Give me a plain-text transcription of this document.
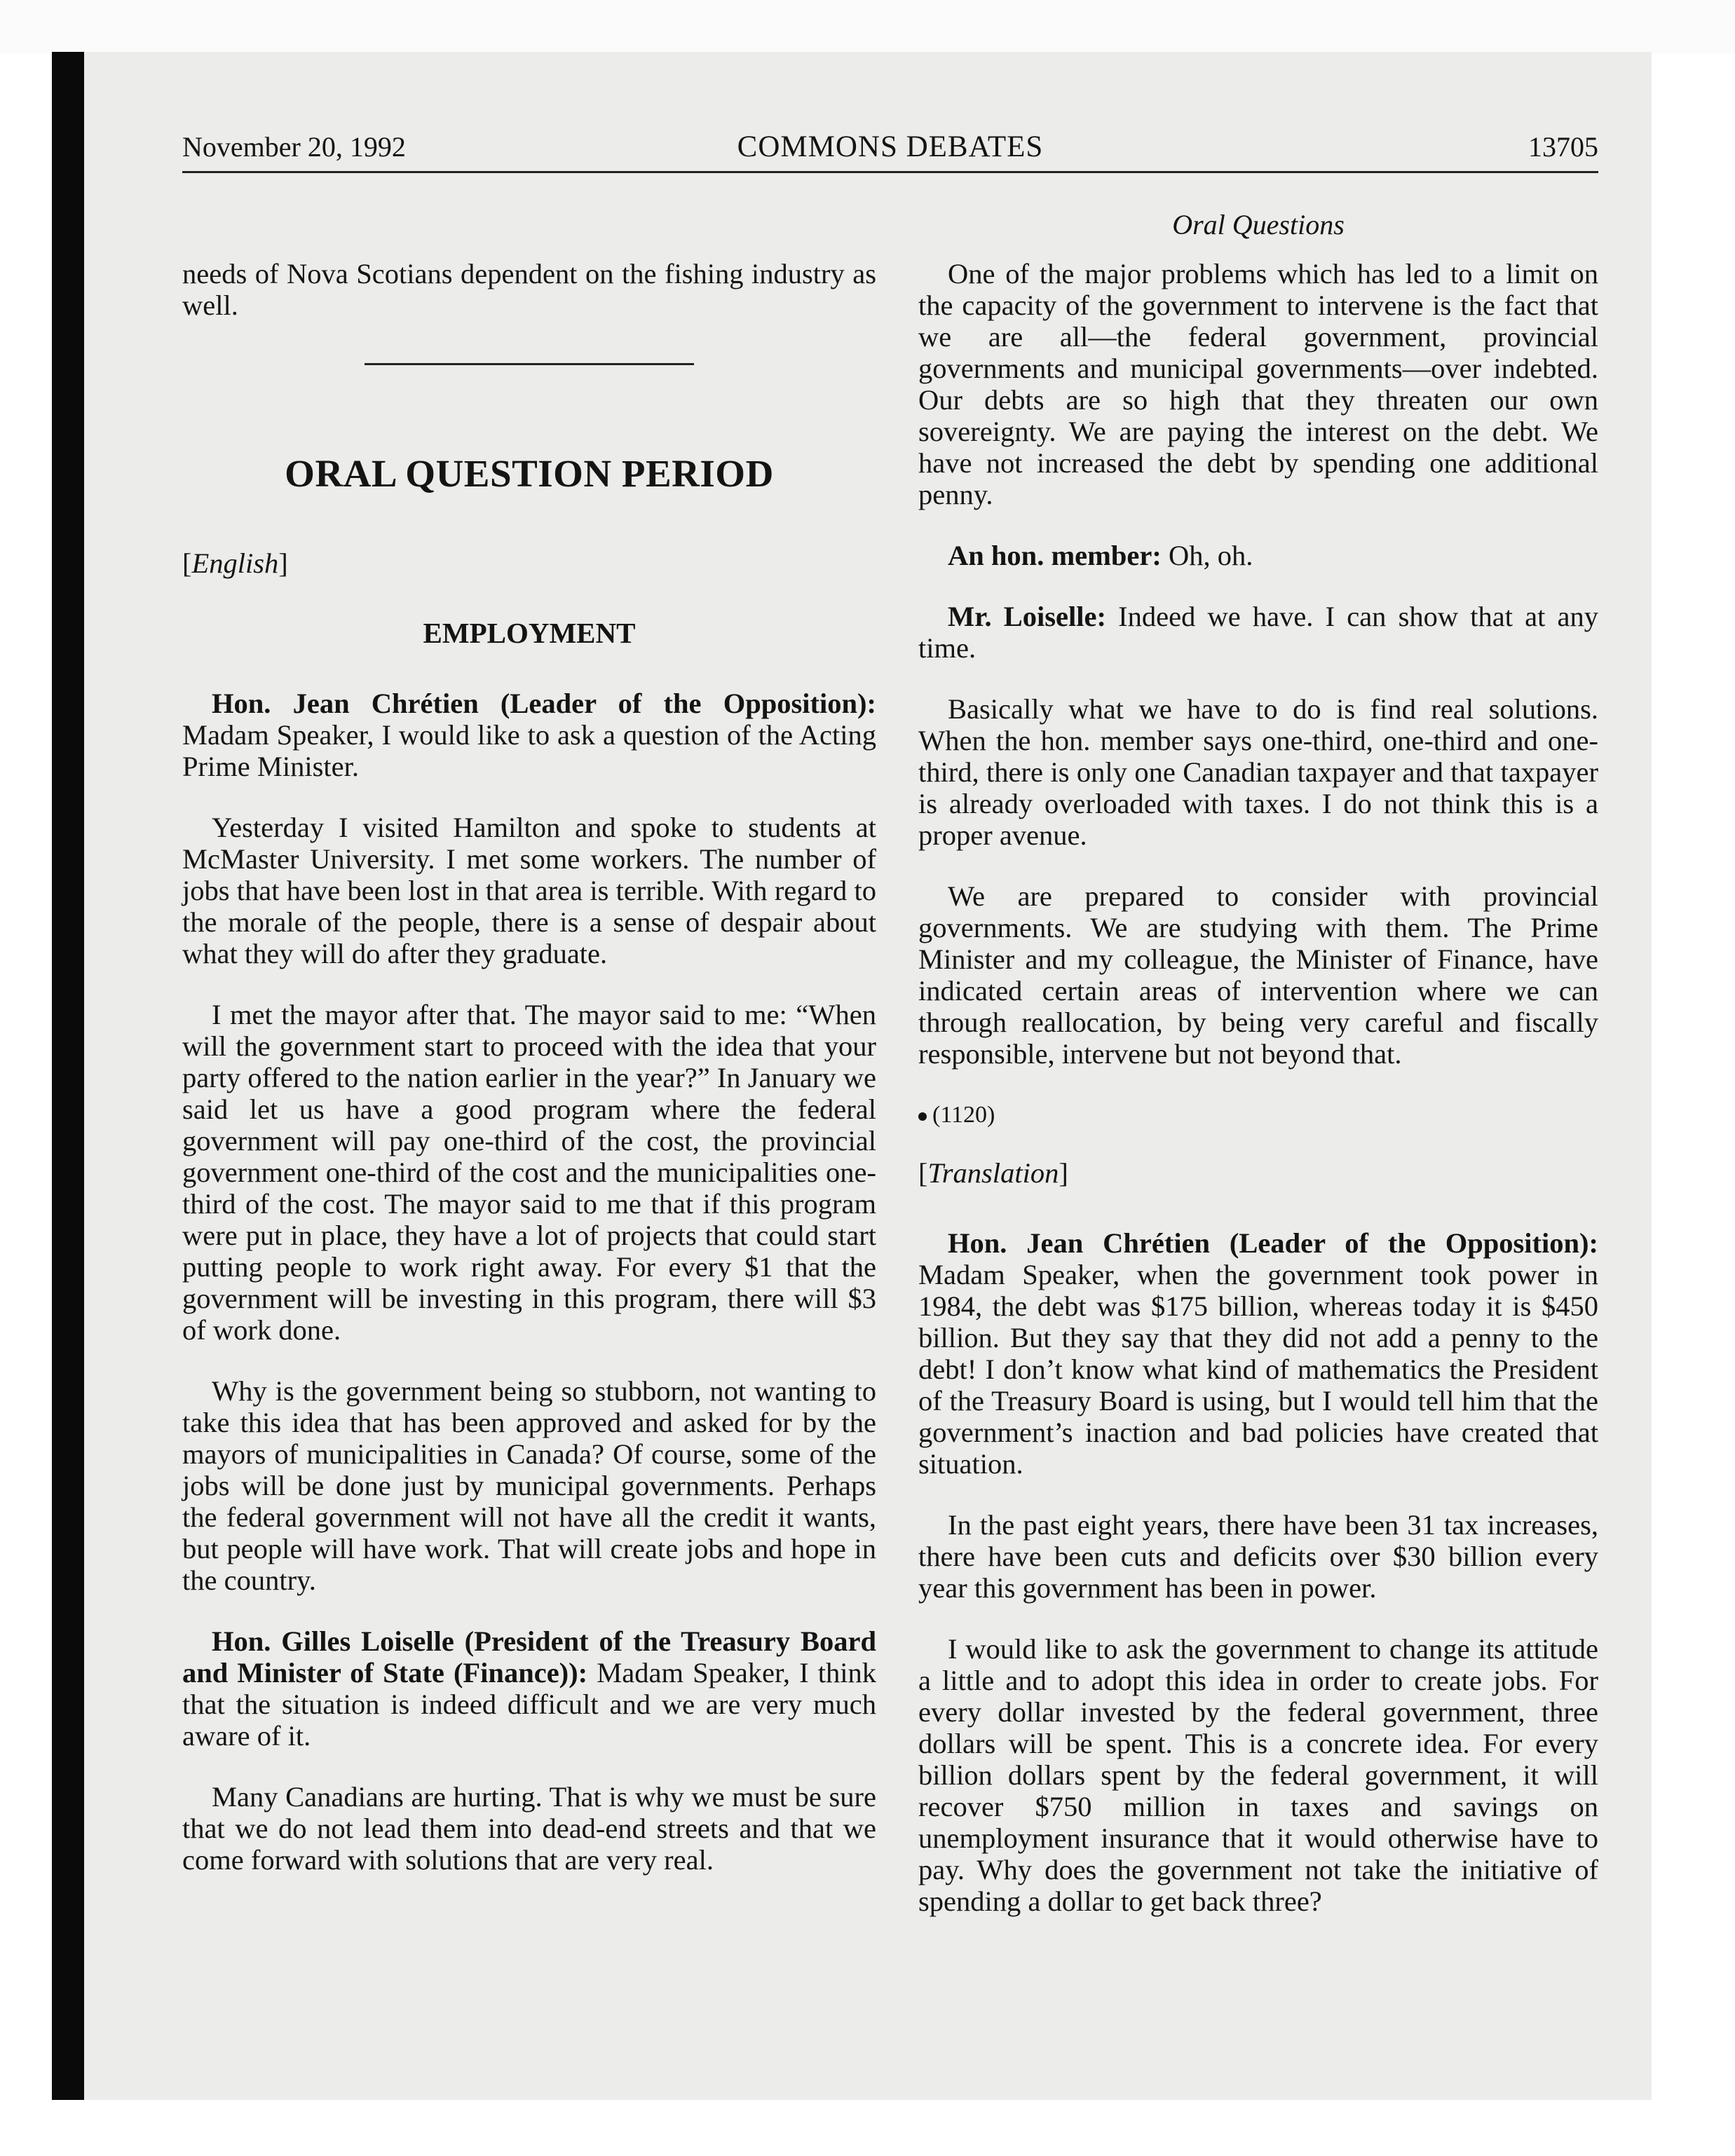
November 20, 1992	COMMONS DEBATES	13705
Oral Questions

needs of Nova Scotians dependent on the fishing industry as well.

ORAL QUESTION PERIOD
[English]
EMPLOYMENT

Hon. Jean Chrétien (Leader of the Opposition): Madam Speaker, I would like to ask a question of the Acting Prime Minister.

Yesterday I visited Hamilton and spoke to students at McMaster University. I met some workers. The number of jobs that have been lost in that area is terrible. With regard to the morale of the people, there is a sense of despair about what they will do after they graduate.

I met the mayor after that. The mayor said to me: “When will the government start to proceed with the idea that your party offered to the nation earlier in the year?” In January we said let us have a good program where the federal government will pay one-third of the cost, the provincial government one-third of the cost and the municipalities one-third of the cost. The mayor said to me that if this program were put in place, they have a lot of projects that could start putting people to work right away. For every $1 that the government will be investing in this program, there will $3 of work done.

Why is the government being so stubborn, not wanting to take this idea that has been approved and asked for by the mayors of municipalities in Canada? Of course, some of the jobs will be done just by municipal governments. Perhaps the federal government will not have all the credit it wants, but people will have work. That will create jobs and hope in the country.

Hon. Gilles Loiselle (President of the Treasury Board and Minister of State (Finance)): Madam Speaker, I think that the situation is indeed difficult and we are very much aware of it.

Many Canadians are hurting. That is why we must be sure that we do not lead them into dead-end streets and that we come forward with solutions that are very real.

One of the major problems which has led to a limit on the capacity of the government to intervene is the fact that we are all—the federal government, provincial governments and municipal governments—over indebted. Our debts are so high that they threaten our own sovereignty. We are paying the interest on the debt. We have not increased the debt by spending one additional penny.

An hon. member: Oh, oh.

Mr. Loiselle: Indeed we have. I can show that at any time.

Basically what we have to do is find real solutions. When the hon. member says one-third, one-third and one-third, there is only one Canadian taxpayer and that taxpayer is already overloaded with taxes. I do not think this is a proper avenue.

We are prepared to consider with provincial governments. We are studying with them. The Prime Minister and my colleague, the Minister of Finance, have indicated certain areas of intervention where we can through reallocation, by being very careful and fiscally responsible, intervene but not beyond that.

(1120)
[Translation]

Hon. Jean Chrétien (Leader of the Opposition): Madam Speaker, when the government took power in 1984, the debt was $175 billion, whereas today it is $450 billion. But they say that they did not add a penny to the debt! I don’t know what kind of mathematics the President of the Treasury Board is using, but I would tell him that the government’s inaction and bad policies have created that situation.

In the past eight years, there have been 31 tax increases, there have been cuts and deficits over $30 billion every year this government has been in power.

I would like to ask the government to change its attitude a little and to adopt this idea in order to create jobs. For every dollar invested by the federal government, three dollars will be spent. This is a concrete idea. For every billion dollars spent by the federal government, it will recover $750 million in taxes and savings on unemployment insurance that it would otherwise have to pay. Why does the government not take the initiative of spending a dollar to get back three?
